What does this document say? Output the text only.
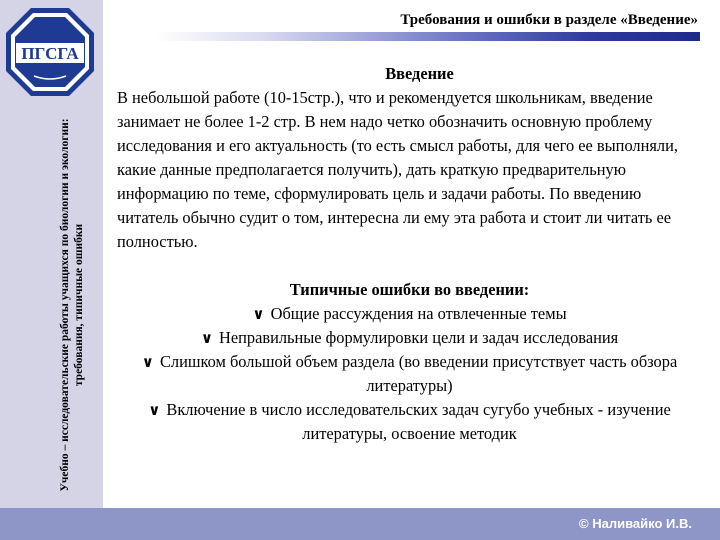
ПГСГА
Учебно – исследовательские работы учащихся по биологии и экологии: требования, типичные ошибки
Требования и ошибки в разделе «Введение»
Введение
В небольшой работе (10-15стр.), что и рекомендуется школьникам, введение занимает не более 1-2 стр. В нем надо четко обозначить основную проблему исследования и его актуальность (то есть смысл работы, для чего ее выполняли, какие данные предполагается получить), дать краткую предварительную информацию по теме, сформулировать цель и задачи работы. По введению читатель обычно судит о том, интересна ли ему эта работа и стоит ли читать ее полностью.
Типичные ошибки во введении:
∨ Общие рассуждения на отвлеченные темы
∨ Неправильные формулировки цели и задач исследования
∨ Слишком большой объем раздела (во введении присутствует часть обзора литературы)
∨ Включение в число исследовательских задач сугубо учебных - изучение литературы, освоение методик
© Наливайко И.В.
